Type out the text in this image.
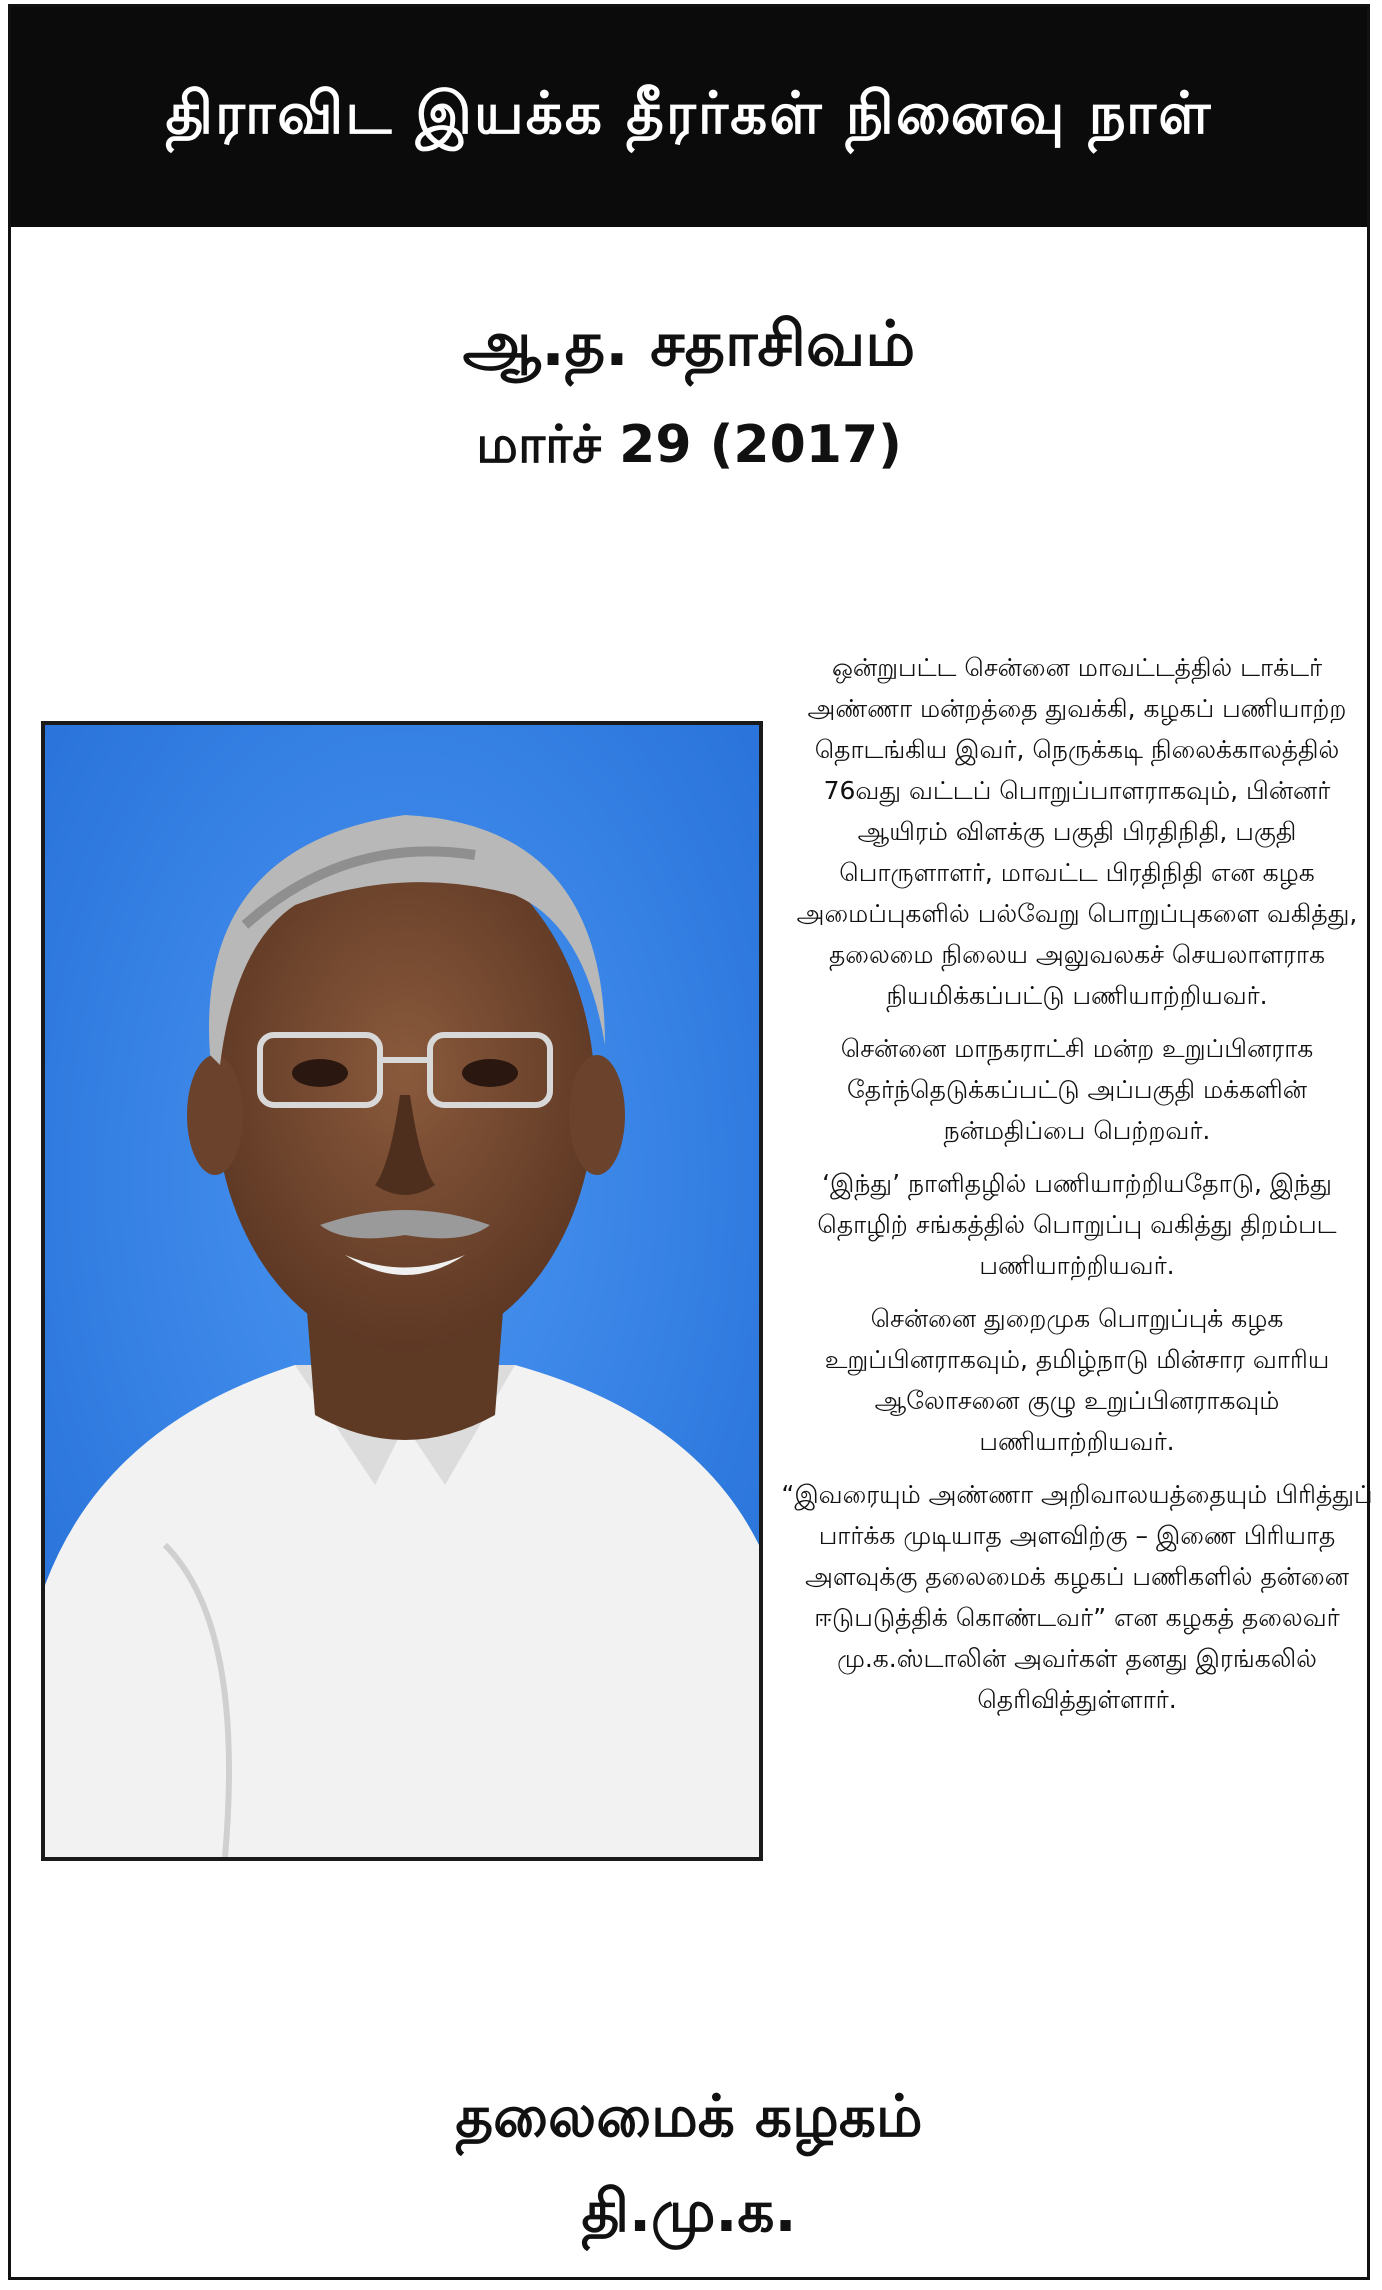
திராவிட இயக்க தீரர்கள் நினைவு நாள்
ஆ.த. சதாசிவம்
மார்ச் 29 (2017)

ஒன்றுபட்ட சென்னை மாவட்டத்தில் டாக்டர் அண்ணா மன்றத்தை துவக்கி, கழகப் பணியாற்ற தொடங்கிய இவர், நெருக்கடி நிலைக்காலத்தில் 76வது வட்டப் பொறுப்பாளராகவும், பின்னர் ஆயிரம் விளக்கு பகுதி பிரதிநிதி, பகுதி பொருளாளர், மாவட்ட பிரதிநிதி என கழக அமைப்புகளில் பல்வேறு பொறுப்புகளை வகித்து, தலைமை நிலைய அலுவலகச் செயலாளராக நியமிக்கப்பட்டு பணியாற்றியவர்.

சென்னை மாநகராட்சி மன்ற உறுப்பினராக தேர்ந்தெடுக்கப்பட்டு அப்பகுதி மக்களின் நன்மதிப்பை பெற்றவர்.

‘இந்து’ நாளிதழில் பணியாற்றியதோடு, இந்து தொழிற் சங்கத்தில் பொறுப்பு வகித்து திறம்பட பணியாற்றியவர்.

சென்னை துறைமுக பொறுப்புக் கழக உறுப்பினராகவும், தமிழ்நாடு மின்சார வாரிய ஆலோசனை குழு உறுப்பினராகவும் பணியாற்றியவர்.

“இவரையும் அண்ணா அறிவாலயத்தையும் பிரித்துப் பார்க்க முடியாத அளவிற்கு – இணை பிரியாத அளவுக்கு தலைமைக் கழகப் பணிகளில் தன்னை ஈடுபடுத்திக் கொண்டவர்” என கழகத் தலைவர் மு.க.ஸ்டாலின் அவர்கள் தனது இரங்கலில் தெரிவித்துள்ளார்.

தலைமைக் கழகம்
தி.மு.க.
